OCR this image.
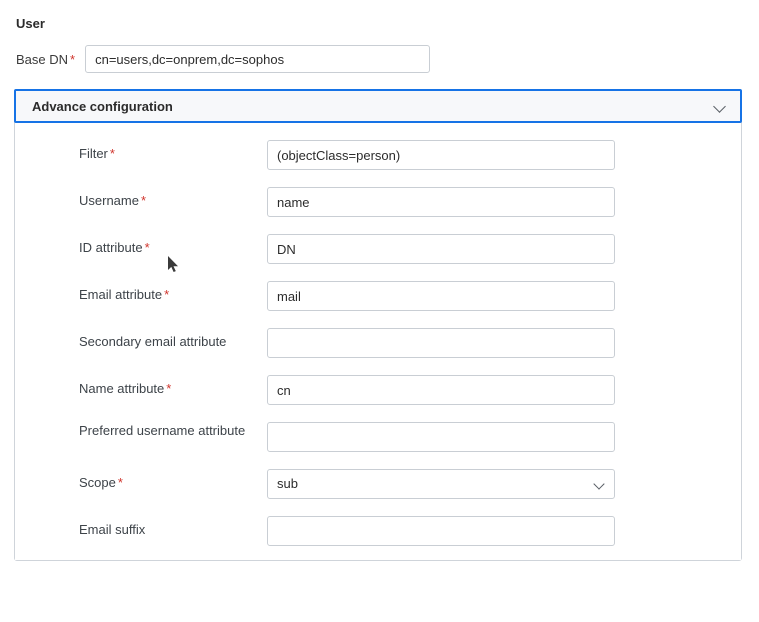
User
Base DN *
cn=users,dc=onprem,dc=sophos
Advance configuration
Filter *
(objectClass=person)
Username *
name
ID attribute *
DN
Email attribute *
mail
Secondary email attribute
Name attribute *
cn
Preferred username attribute
Scope *	sub
Email suffix
